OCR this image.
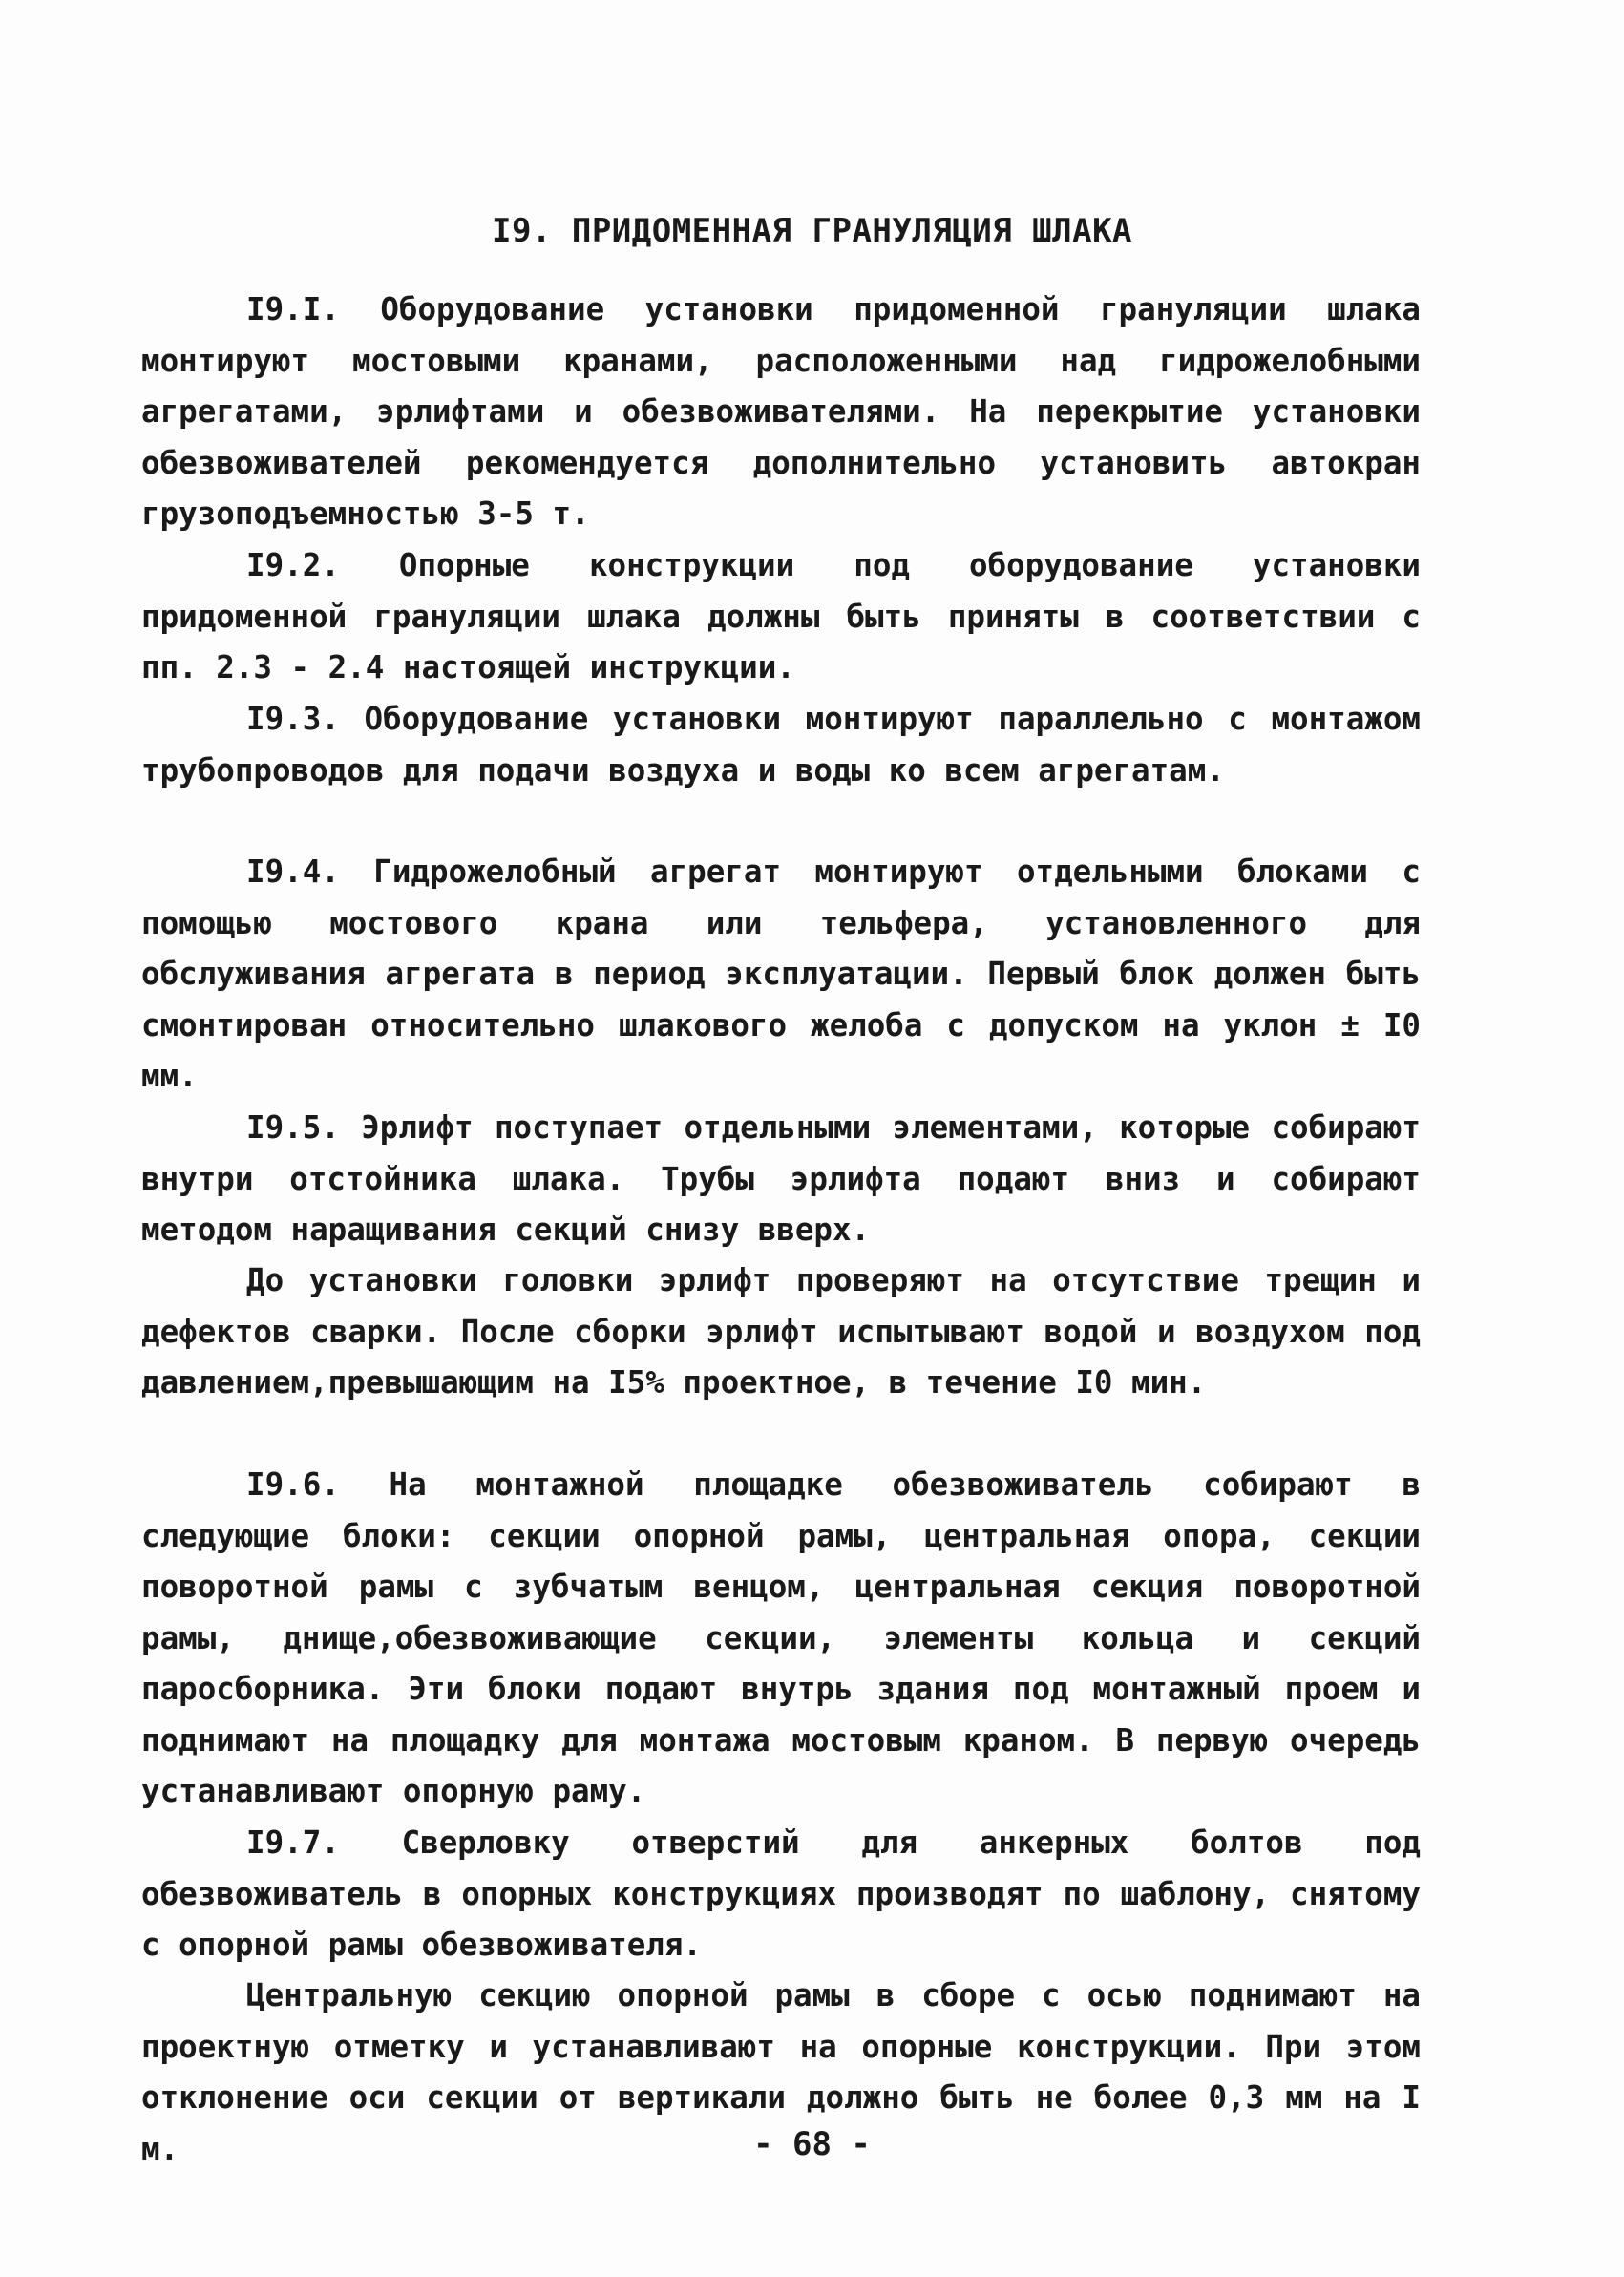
I9. ПРИДОМЕННАЯ ГРАНУЛЯЦИЯ ШЛАКА

I9.I. Оборудование установки придоменной грануляции шлака монтируют мостовыми кранами, расположенными над гидрожелобными агрегатами, эрлифтами и обезвоживателями. На перекрытие установки обезвоживателей рекомендуется дополнительно установить автокран грузоподъемностью 3-5 т.

I9.2. Опорные конструкции под оборудование установки придоменной грануляции шлака должны быть приняты в соответствии с пп. 2.3 - 2.4 настоящей инструкции.

I9.3. Оборудование установки монтируют параллельно с монтажом трубопроводов для подачи воздуха и воды ко всем агрегатам.

I9.4. Гидрожелобный агрегат монтируют отдельными блоками с помощью мостового крана или тельфера, установленного для обслуживания агрегата в период эксплуатации. Первый блок должен быть смонтирован относительно шлакового желоба с допуском на уклон ± I0 мм.

I9.5. Эрлифт поступает отдельными элементами, которые собирают внутри отстойника шлака. Трубы эрлифта подают вниз и собирают методом наращивания секций снизу вверх.

До установки головки эрлифт проверяют на отсутствие трещин и дефектов сварки. После сборки эрлифт испытывают водой и воздухом под давлением,превышающим на I5% проектное, в течение I0 мин.

I9.6. На монтажной площадке обезвоживатель собирают в следующие блоки: секции опорной рамы, центральная опора, секции поворотной рамы с зубчатым венцом, центральная секция поворотной рамы, днище,обезвоживающие секции, элементы кольца и секций паросборника. Эти блоки подают внутрь здания под монтажный проем и поднимают на площадку для монтажа мостовым краном. В первую очередь устанавливают опорную раму.

I9.7. Сверловку отверстий для анкерных болтов под обезвоживатель в опорных конструкциях производят по шаблону, снятому с опорной рамы обезвоживателя.

Центральную секцию опорной рамы в сборе с осью поднимают на проектную отметку и устанавливают на опорные конструкции. При этом отклонение оси секции от вертикали должно быть не более 0,3 мм на I м.	- 68 -
